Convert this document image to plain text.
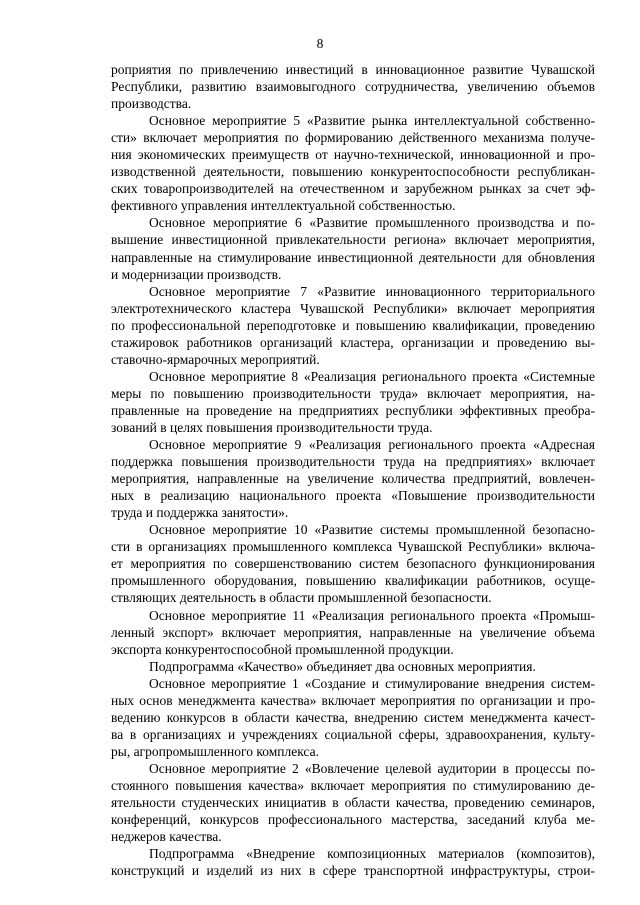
8
роприятия по привлечению инвестиций в инновационное развитие Чувашской
Республики, развитию взаимовыгодного сотрудничества, увеличению объемов
производства.
Основное мероприятие 5 «Развитие рынка интеллектуальной собственно-
сти» включает мероприятия по формированию действенного механизма получе-
ния экономических преимуществ от научно-технической, инновационной и про-
изводственной деятельности, повышению конкурентоспособности республикан-
ских товаропроизводителей на отечественном и зарубежном рынках за счет эф-
фективного управления интеллектуальной собственностью.
Основное мероприятие 6 «Развитие промышленного производства и по-
вышение инвестиционной привлекательности региона» включает мероприятия,
направленные на стимулирование инвестиционной деятельности для обновления
и модернизации производств.
Основное мероприятие 7 «Развитие инновационного территориального
электротехнического кластера Чувашской Республики» включает мероприятия
по профессиональной переподготовке и повышению квалификации, проведению
стажировок работников организаций кластера, организации и проведению вы-
ставочно-ярмарочных мероприятий.
Основное мероприятие 8 «Реализация регионального проекта «Системные
меры по повышению производительности труда» включает мероприятия, на-
правленные на проведение на предприятиях республики эффективных преобра-
зований в целях повышения производительности труда.
Основное мероприятие 9 «Реализация регионального проекта «Адресная
поддержка повышения производительности труда на предприятиях» включает
мероприятия, направленные на увеличение количества предприятий, вовлечен-
ных в реализацию национального проекта «Повышение производительности
труда и поддержка занятости».
Основное мероприятие 10 «Развитие системы промышленной безопасно-
сти в организациях промышленного комплекса Чувашской Республики» включа-
ет мероприятия по совершенствованию систем безопасного функционирования
промышленного оборудования, повышению квалификации работников, осуще-
ствляющих деятельность в области промышленной безопасности.
Основное мероприятие 11 «Реализация регионального проекта «Промыш-
ленный экспорт» включает мероприятия, направленные на увеличение объема
экспорта конкурентоспособной промышленной продукции.
Подпрограмма «Качество» объединяет два основных мероприятия.
Основное мероприятие 1 «Создание и стимулирование внедрения систем-
ных основ менеджмента качества» включает мероприятия по организации и про-
ведению конкурсов в области качества, внедрению систем менеджмента качест-
ва в организациях и учреждениях социальной сферы, здравоохранения, культу-
ры, агропромышленного комплекса.
Основное мероприятие 2 «Вовлечение целевой аудитории в процессы по-
стоянного повышения качества» включает мероприятия по стимулированию де-
ятельности студенческих инициатив в области качества, проведению семинаров,
конференций, конкурсов профессионального мастерства, заседаний клуба ме-
неджеров качества.
Подпрограмма «Внедрение композиционных материалов (композитов),
конструкций и изделий из них в сфере транспортной инфраструктуры, строи-
